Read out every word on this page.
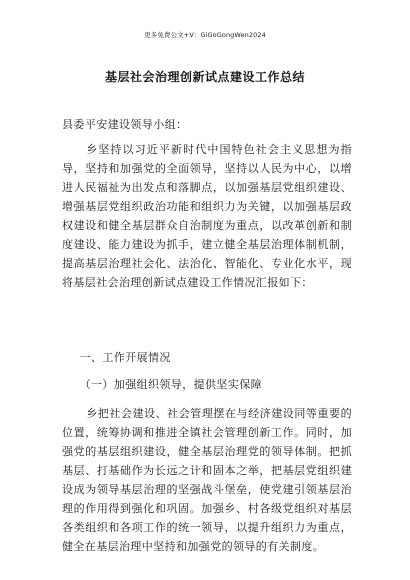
更多免费公文+V：GiGoGongWen2024
基层社会治理创新试点建设工作总结
县委平安建设领导小组：
乡坚持以习近平新时代中国特色社会主义思想为指导，坚持和加强党的全面领导，坚持以人民为中心，以增进人民福祉为出发点和落脚点，以加强基层党组织建设、增强基层党组织政治功能和组织力为关键，以加强基层政权建设和健全基层群众自治制度为重点，以改革创新和制度建设、能力建设为抓手，建立健全基层治理体制机制，提高基层治理社会化、法治化、智能化、专业化水平，现将基层社会治理创新试点建设工作情况汇报如下：
一、工作开展情况
（一）加强组织领导，提供坚实保障
乡把社会建设、社会管理摆在与经济建设同等重要的位置，统筹协调和推进全镇社会管理创新工作。同时，加强党的基层组织建设，健全基层治理党的领导体制。把抓基层、打基础作为长远之计和固本之举，把基层党组织建设成为领导基层治理的坚强战斗堡垒，使党建引领基层治理的作用得到强化和巩固。加强乡、村各级党组织对基层各类组织和各项工作的统一领导，以提升组织力为重点，健全在基层治理中坚持和加强党的领导的有关制度。
